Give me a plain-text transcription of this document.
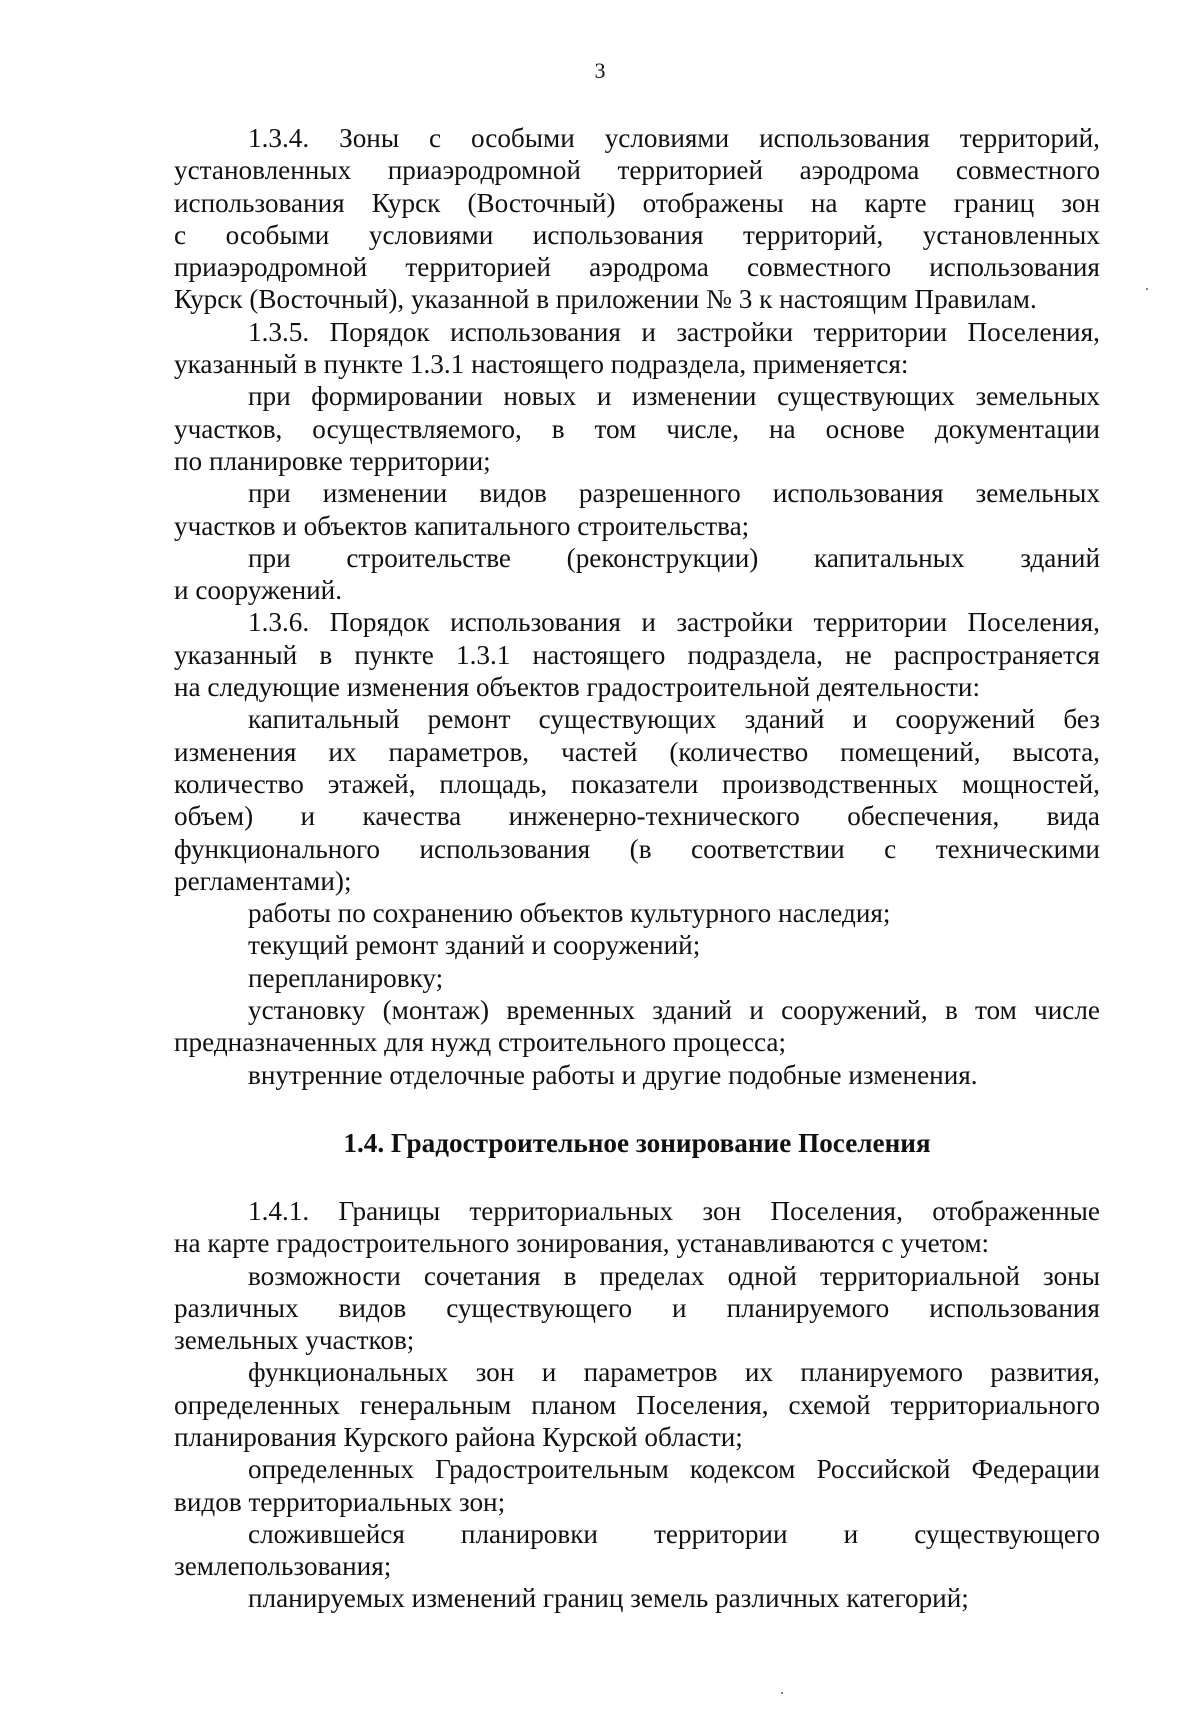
3
1.3.4. Зоны с особыми условиями использования территорий,
установленных приаэродромной территорией аэродрома совместного
использования Курск (Восточный) отображены на карте границ зон
с особыми условиями использования территорий, установленных
приаэродромной территорией аэродрома совместного использования
Курск (Восточный), указанной в приложении № 3 к настоящим Правилам.
1.3.5. Порядок использования и застройки территории Поселения,
указанный в пункте 1.3.1 настоящего подраздела, применяется:
при формировании новых и изменении существующих земельных
участков, осуществляемого, в том числе, на основе документации
по планировке территории;
при изменении видов разрешенного использования земельных
участков и объектов капитального строительства;
при строительстве (реконструкции) капитальных зданий
и сооружений.
1.3.6. Порядок использования и застройки территории Поселения,
указанный в пункте 1.3.1 настоящего подраздела, не распространяется
на следующие изменения объектов градостроительной деятельности:
капитальный ремонт существующих зданий и сооружений без
изменения их параметров, частей (количество помещений, высота,
количество этажей, площадь, показатели производственных мощностей,
объем) и качества инженерно-технического обеспечения, вида
функционального использования (в соответствии с техническими
регламентами);
работы по сохранению объектов культурного наследия;
текущий ремонт зданий и сооружений;
перепланировку;
установку (монтаж) временных зданий и сооружений, в том числе
предназначенных для нужд строительного процесса;
внутренние отделочные работы и другие подобные изменения.
1.4. Градостроительное зонирование Поселения
1.4.1. Границы территориальных зон Поселения, отображенные
на карте градостроительного зонирования, устанавливаются с учетом:
возможности сочетания в пределах одной территориальной зоны
различных видов существующего и планируемого использования
земельных участков;
функциональных зон и параметров их планируемого развития,
определенных генеральным планом Поселения, схемой территориального
планирования Курского района Курской области;
определенных Градостроительным кодексом Российской Федерации
видов территориальных зон;
сложившейся планировки территории и существующего
землепользования;
планируемых изменений границ земель различных категорий;
